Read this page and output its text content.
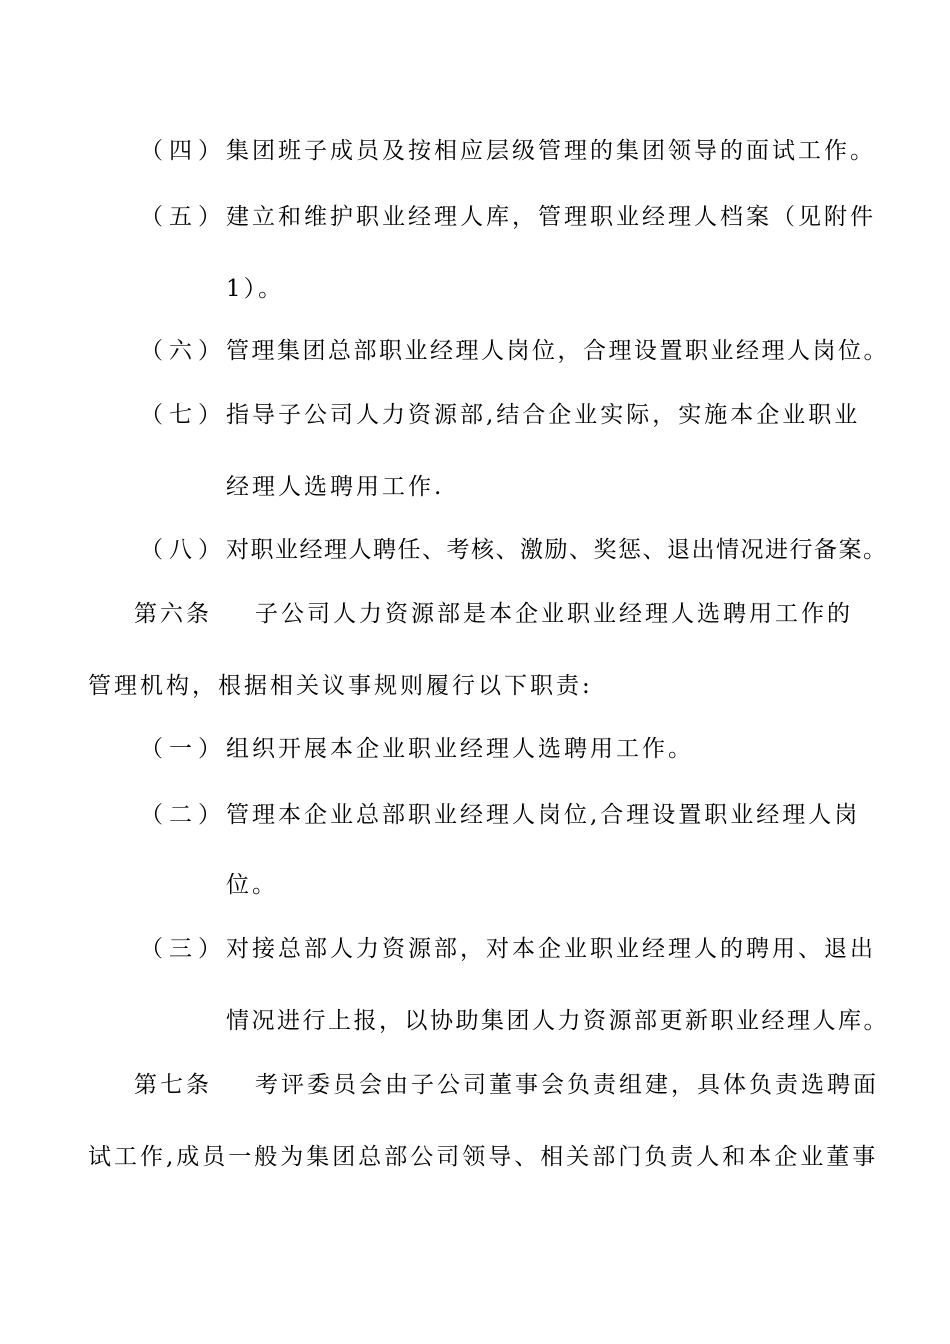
（四） 集团班子成员及按相应层级管理的集团领导的面试工作。
（五） 建立和维护职业经理人库，管理职业经理人档案（见附件
1）。
（六） 管理集团总部职业经理人岗位，合理设置职业经理人岗位。
（七） 指导子公司人力资源部,结合企业实际，实施本企业职业
经理人选聘用工作.
（八） 对职业经理人聘任、考核、激励、奖惩、退出情况进行备案。
第六条 子公司人力资源部是本企业职业经理人选聘用工作的
管理机构，根据相关议事规则履行以下职责:
（一） 组织开展本企业职业经理人选聘用工作。
（二） 管理本企业总部职业经理人岗位,合理设置职业经理人岗
位。
（三） 对接总部人力资源部，对本企业职业经理人的聘用、退出
情况进行上报，以协助集团人力资源部更新职业经理人库。
第七条 考评委员会由子公司董事会负责组建，具体负责选聘面
试工作,成员一般为集团总部公司领导、相关部门负责人和本企业董事
